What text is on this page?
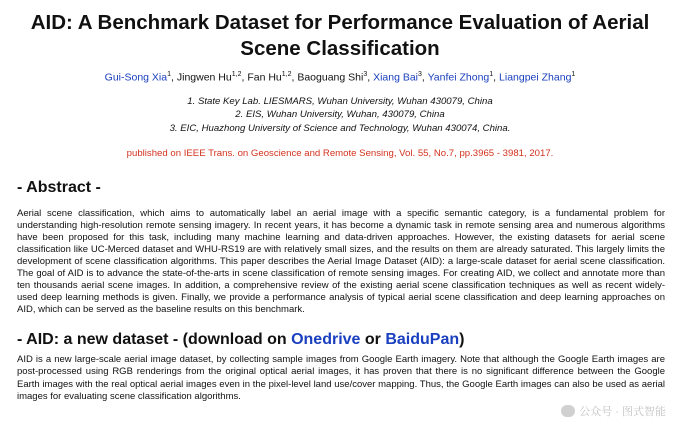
AID: A Benchmark Dataset for Performance Evaluation of Aerial Scene Classification
Gui-Song Xia$^1$, Jingwen Hu$^{1,2}$, Fan Hu$^{1,2}$, Baoguang Shi$^3$, Xiang Bai$^3$, Yanfei Zhong$^1$, Liangpei Zhang$^1$
1. State Key Lab. LIESMARS, Wuhan University, Wuhan 430079, China
2. EIS, Wuhan University, Wuhan, 430079, China
3. EIC, Huazhong University of Science and Technology, Wuhan 430074, China.
published on IEEE Trans. on Geoscience and Remote Sensing, Vol. 55, No.7, pp.3965 - 3981, 2017.
- Abstract -

Aerial scene classification, which aims to automatically label an aerial image with a specific semantic category, is a fundamental problem for understanding high-resolution remote sensing imagery. In recent years, it has become a dynamic task in remote sensing area and numerous algorithms have been proposed for this task, including many machine learning and data-driven approaches. However, the existing datasets for aerial scene classification like UC-Merced dataset and WHU-RS19 are with relatively small sizes, and the results on them are already saturated. This largely limits the development of scene classification algorithms. This paper describes the Aerial Image Dataset (AID): a large-scale dataset for aerial scene classification. The goal of AID is to advance the state-of-the-arts in scene classification of remote sensing images. For creating AID, we collect and annotate more than ten thousands aerial scene images. In addition, a comprehensive review of the existing aerial scene classification techniques as well as recent widely-used deep learning methods is given. Finally, we provide a performance analysis of typical aerial scene classification and deep learning approaches on AID, which can be served as the baseline results on this benchmark.

- AID: a new dataset - (download on Onedrive or BaiduPan)

AID is a new large-scale aerial image dataset, by collecting sample images from Google Earth imagery. Note that although the Google Earth images are post-processed using RGB renderings from the original optical aerial images, it has proven that there is no significant difference between the Google Earth images with the real optical aerial images even in the pixel-level land use/cover mapping. Thus, the Google Earth images can also be used as aerial images for evaluating scene classification algorithms.

公众号 · 图式智能
